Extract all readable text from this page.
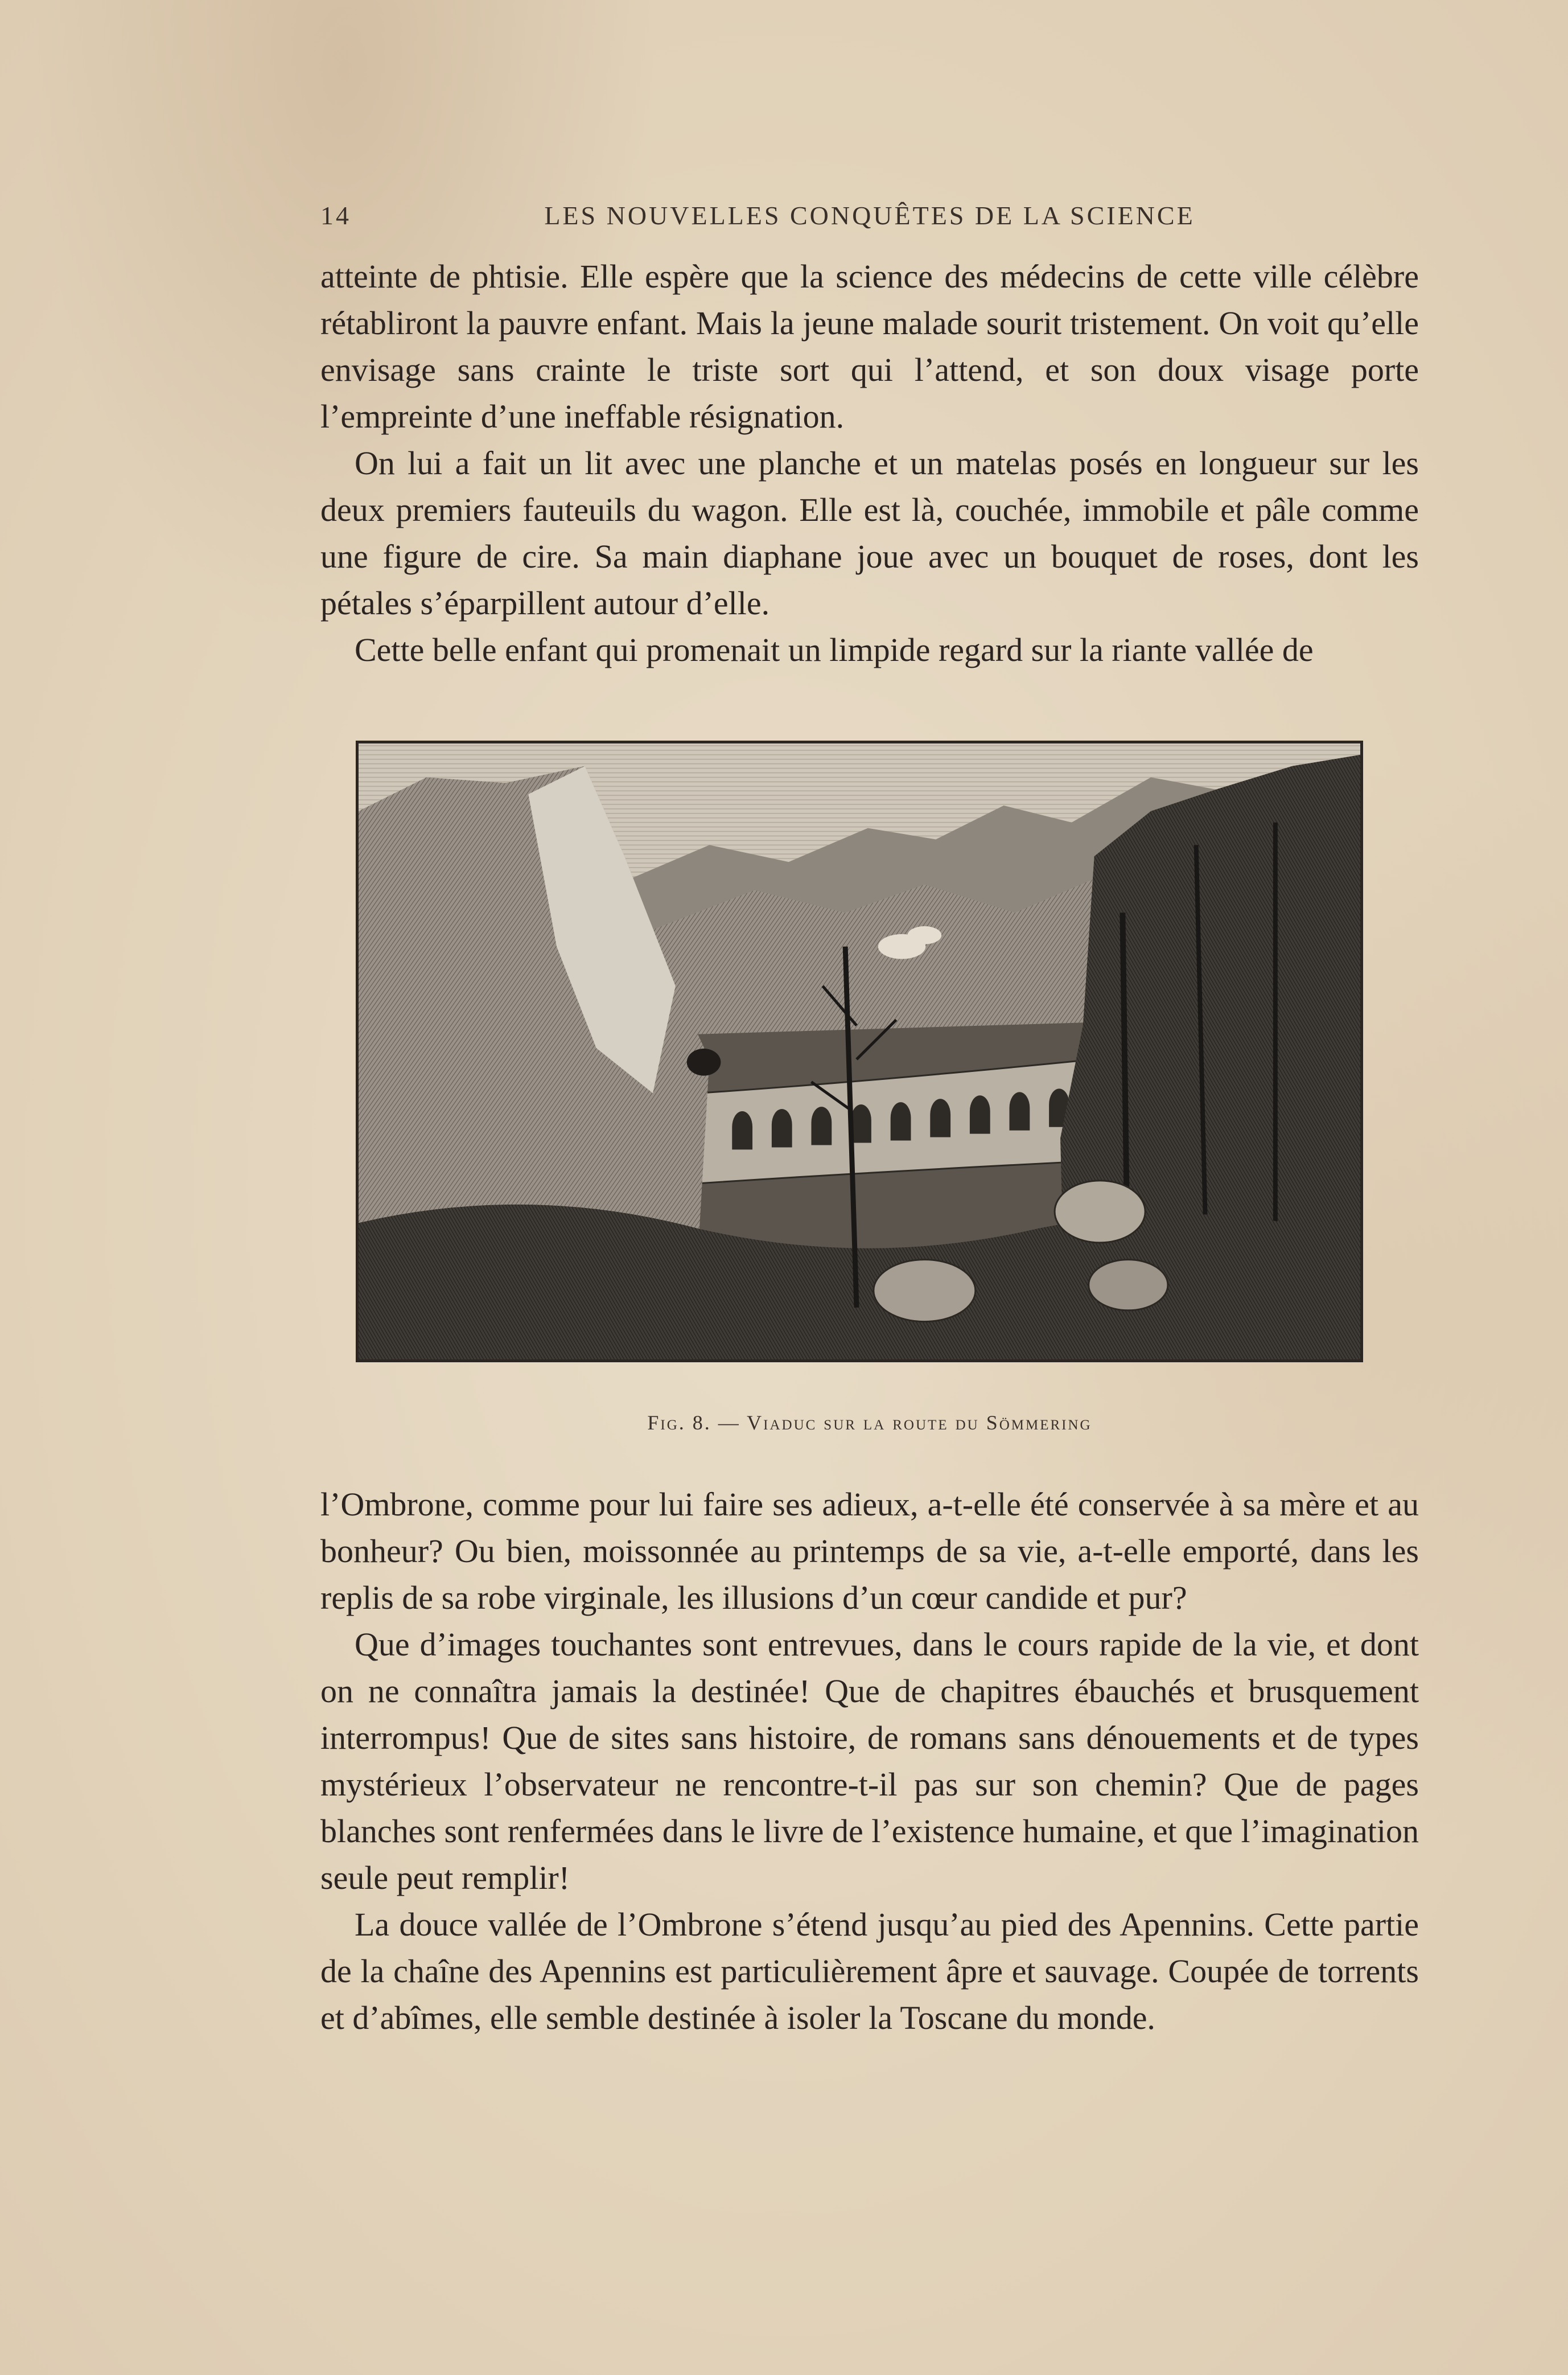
14	LES NOUVELLES CONQUÊTES DE LA SCIENCE

atteinte de phtisie. Elle espère que la science des médecins de cette ville célèbre rétabliront la pauvre enfant. Mais la jeune malade sourit tristement. On voit qu’elle envisage sans crainte le triste sort qui l’attend, et son doux visage porte l’empreinte d’une ineffable résignation.

On lui a fait un lit avec une planche et un matelas posés en longueur sur les deux premiers fauteuils du wagon. Elle est là, couchée, immobile et pâle comme une figure de cire. Sa main diaphane joue avec un bouquet de roses, dont les pétales s’éparpillent autour d’elle.

Cette belle enfant qui promenait un limpide regard sur la riante vallée de

Fig. 8. — Viaduc sur la route du Sömmering

l’Ombrone, comme pour lui faire ses adieux, a-t-elle été conservée à sa mère et au bonheur? Ou bien, moissonnée au printemps de sa vie, a-t-elle emporté, dans les replis de sa robe virginale, les illusions d’un cœur candide et pur?

Que d’images touchantes sont entrevues, dans le cours rapide de la vie, et dont on ne connaîtra jamais la destinée! Que de chapitres ébauchés et brusquement interrompus! Que de sites sans histoire, de romans sans dénouements et de types mystérieux l’observateur ne rencontre-t-il pas sur son chemin? Que de pages blanches sont renfermées dans le livre de l’existence humaine, et que l’imagination seule peut remplir!

La douce vallée de l’Ombrone s’étend jusqu’au pied des Apennins. Cette partie de la chaîne des Apennins est particulièrement âpre et sauvage. Coupée de torrents et d’abîmes, elle semble destinée à isoler la Toscane du monde.
